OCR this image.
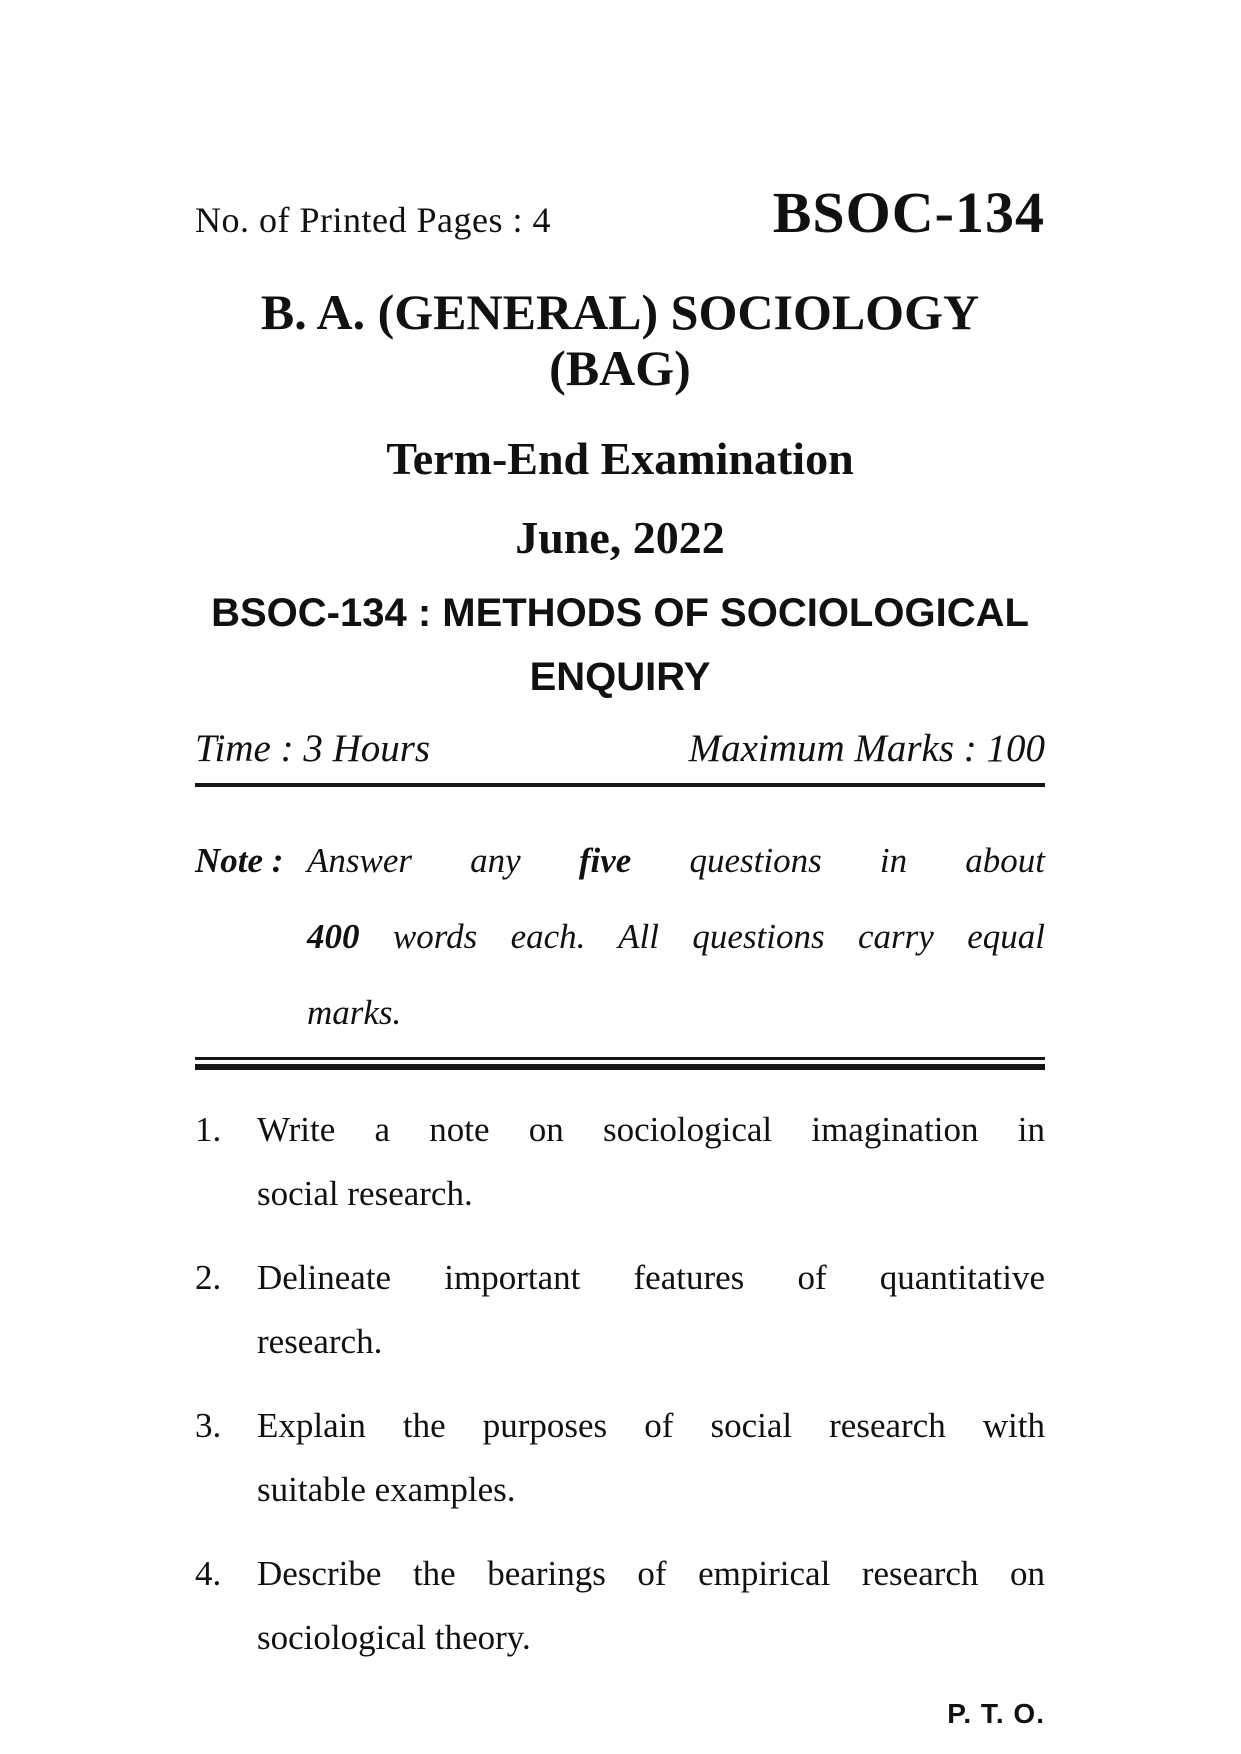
No. of Printed Pages : 4	BSOC-134
B. A. (GENERAL) SOCIOLOGY (BAG)
Term-End Examination
June, 2022
BSOC-134 : METHODS OF SOCIOLOGICAL
ENQUIRY
Time : 3 Hours	Maximum Marks : 100
Note : Answer any five questions in about
400 words each. All questions carry equal
marks.
1.	Write a note on sociological imagination in
social research.
2.	Delineate important features of quantitative
research.
3.	Explain the purposes of social research with
suitable examples.
4.	Describe the bearings of empirical research on
sociological theory.
P. T. O.
